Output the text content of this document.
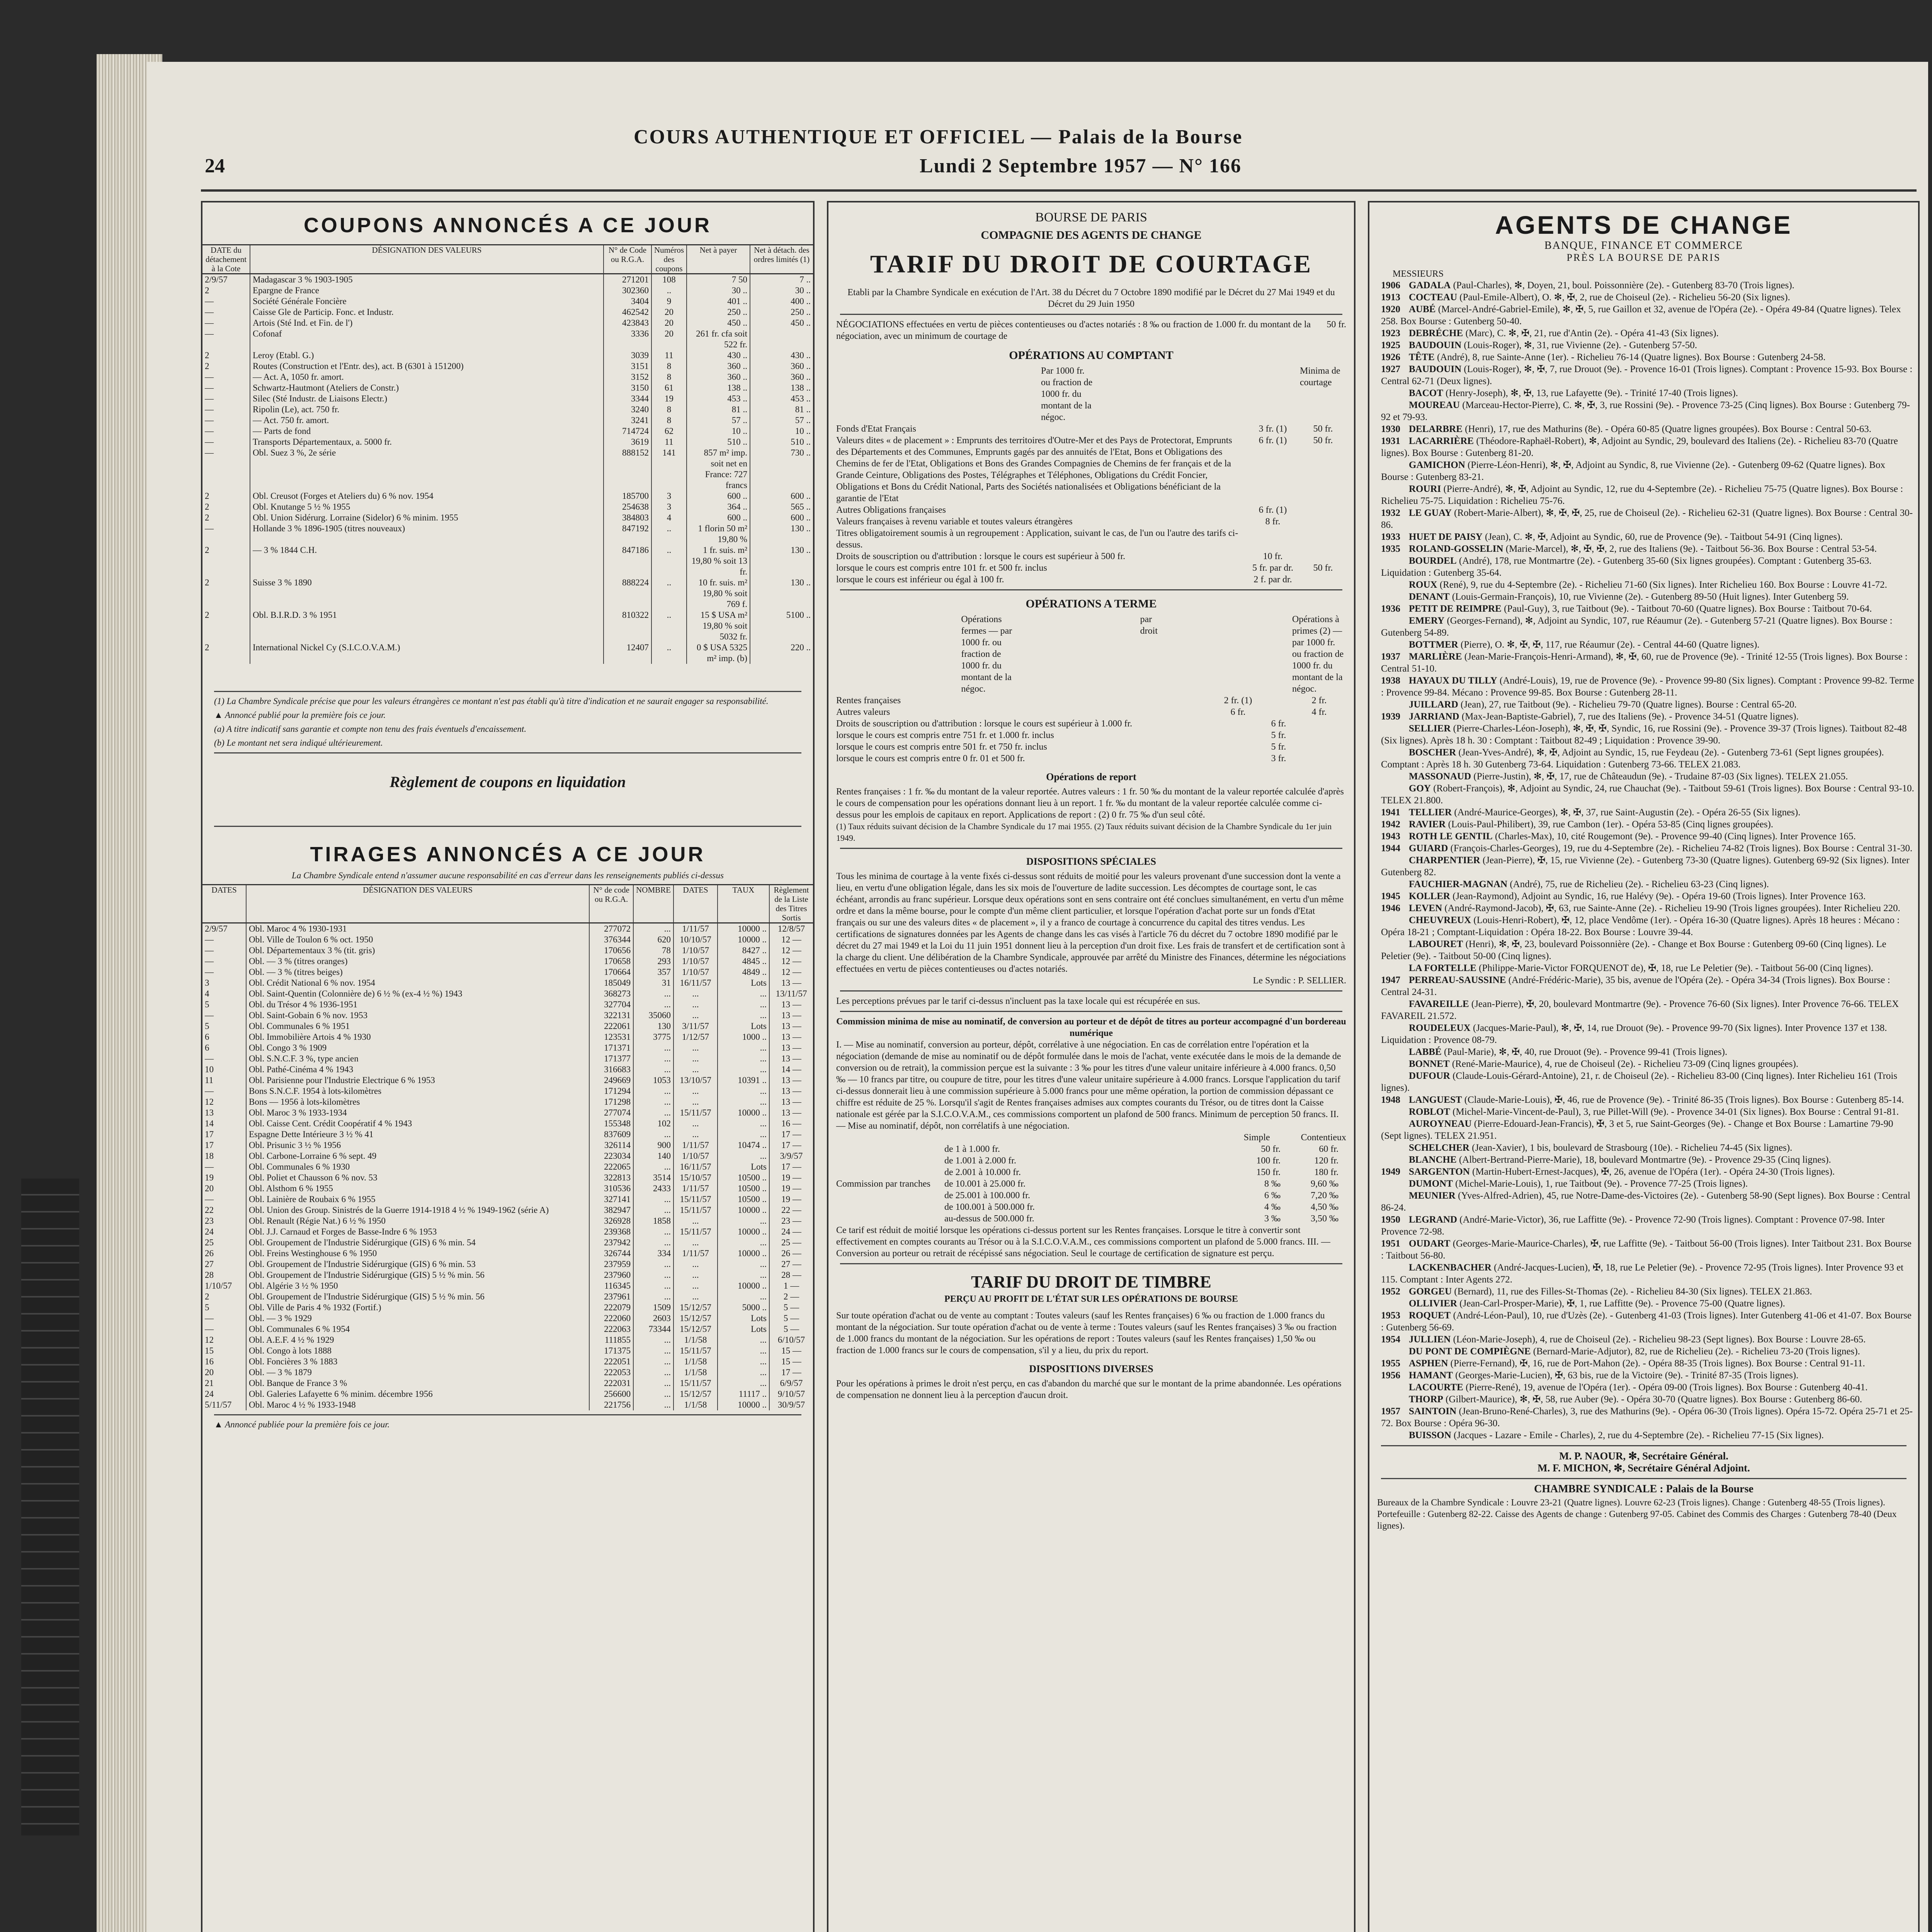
24
COURS AUTHENTIQUE ET OFFICIEL — Palais de la Bourse
Lundi 2 Septembre 1957 — N° 166
COUPONS ANNONCÉS A CE JOUR
DATE du détachement à la Cote	DÉSIGNATION DES VALEURS	N° de Code ou R.G.A.	Numéros des coupons	Net à payer	Net à détach. des ordres limités (1)
2/9/57	Madagascar 3 % 1903-1905	271201	108	7 50	7 ..
2	Epargne de France	302360	..	30 ..	30 ..
—	Société Générale Foncière	3404	9	401 ..	400 ..
—	Caisse Gle de Particip. Fonc. et Industr.	462542	20	250 ..	250 ..
—	Artois (Sté Ind. et Fin. de l')	423843	20	450 ..	450 ..
—	Cofonaf	3336	20	261 fr. cfa soit 522 fr.	
2	Leroy (Etabl. G.)	3039	11	430 ..	430 ..
2	Routes (Construction et l'Entr. des), act. B (6301 à 151200)	3151	8	360 ..	360 ..
—	— Act. A, 1050 fr. amort.	3152	8	360 ..	360 ..
—	Schwartz-Hautmont (Ateliers de Constr.)	3150	61	138 ..	138 ..
—	Silec (Sté Industr. de Liaisons Electr.)	3344	19	453 ..	453 ..
—	Ripolin (Le), act. 750 fr.	3240	8	81 ..	81 ..
—	— Act. 750 fr. amort.	3241	8	57 ..	57 ..
—	— Parts de fond	714724	62	10 ..	10 ..
—	Transports Départementaux, a. 5000 fr.	3619	11	510 ..	510 ..
—	Obl. Suez 3 %, 2e série	888152	141	857 m² imp. soit net en France: 727 francs	730 ..
2	Obl. Creusot (Forges et Ateliers du) 6 % nov. 1954	185700	3	600 ..	600 ..
2	Obl. Knutange 5 ½ % 1955	254638	3	364 ..	565 ..
2	Obl. Union Sidérurg. Lorraine (Sidelor) 6 % minim. 1955	384803	4	600 ..	600 ..
—	Hollande 3 % 1896-1905 (titres nouveaux)	847192	..	1 florin 50 m² 19,80 %	130 ..
2	— 3 % 1844 C.H.	847186	..	1 fr. suis. m² 19,80 % soit 13 fr.	130 ..
2	Suisse 3 % 1890	888224	..	10 fr. suis. m² 19,80 % soit 769 f.	130 ..
2	Obl. B.I.R.D. 3 % 1951	810322	..	15 $ USA m² 19,80 % soit 5032 fr.	5100 ..
2	International Nickel Cy (S.I.C.O.V.A.M.)	12407	..	0 $ USA 5325 m² imp. (b)	220 ..
(1) La Chambre Syndicale précise que pour les valeurs étrangères ce montant n'est pas établi qu'à titre d'indication et ne saurait engager sa responsabilité.
▲ Annoncé publié pour la première fois ce jour.
(a) A titre indicatif sans garantie et compte non tenu des frais éventuels d'encaissement.
(b) Le montant net sera indiqué ultérieurement.
Règlement de coupons en liquidation
TIRAGES ANNONCÉS A CE JOUR
La Chambre Syndicale entend n'assumer aucune responsabilité en cas d'erreur dans les renseignements publiés ci-dessus
DATES	DÉSIGNATION DES VALEURS	N° de code ou R.G.A.	NOMBRE	DATES	TAUX	Règlement de la Liste des Titres Sortis
2/9/57	Obl. Maroc 4 % 1930-1931	277072	...	1/11/57	10000 ..	12/8/57
—	Obl. Ville de Toulon 6 % oct. 1950	376344	620	10/10/57	10000 ..	12 —
—	Obl. Départementaux 3 % (tit. gris)	170656	78	1/10/57	8427 ..	12 —
—	Obl. — 3 % (titres oranges)	170658	293	1/10/57	4845 ..	12 —
—	Obl. — 3 % (titres beiges)	170664	357	1/10/57	4849 ..	12 —
3	Obl. Crédit National 6 % nov. 1954	185049	31	16/11/57	Lots	13 —
4	Obl. Saint-Quentin (Colonnière de) 6 ½ % (ex-4 ½ %) 1943	368273	...	...	...	13/11/57
5	Obl. du Trésor 4 % 1936-1951	327704	...	...	...	13 —
—	Obl. Saint-Gobain 6 % nov. 1953	322131	35060	...	...	13 —
5	Obl. Communales 6 % 1951	222061	130	3/11/57	Lots	13 —
6	Obl. Immobilière Artois 4 % 1930	123531	3775	1/12/57	1000 ..	13 —
6	Obl. Congo 3 % 1909	171371	...	...	...	13 —
—	Obl. S.N.C.F. 3 %, type ancien	171377	...	...	...	13 —
10	Obl. Pathé-Cinéma 4 % 1943	316683	...	...	...	14 —
11	Obl. Parisienne pour l'Industrie Electrique 6 % 1953	249669	1053	13/10/57	10391 ..	13 —
—	Bons S.N.C.F. 1954 à lots-kilomètres	171294	...	...	...	13 —
12	Bons — 1956 à lots-kilomètres	171298	...	...	...	13 —
13	Obl. Maroc 3 % 1933-1934	277074	...	15/11/57	10000 ..	13 —
14	Obl. Caisse Cent. Crédit Coopératif 4 % 1943	155348	102	...	...	16 —
17	Espagne Dette Intérieure 3 ½ % 41	837609	...	...	...	17 —
17	Obl. Prisunic 3 ½ % 1956	326114	900	1/11/57	10474 ..	17 —
18	Obl. Carbone-Lorraine 6 % sept. 49	223034	140	1/10/57	...	3/9/57
—	Obl. Communales 6 % 1930	222065	...	16/11/57	Lots	17 —
19	Obl. Poliet et Chausson 6 % nov. 53	322813	3514	15/10/57	10500 ..	19 —
20	Obl. Alsthom 6 % 1955	310536	2433	1/11/57	10500 ..	19 —
—	Obl. Lainière de Roubaix 6 % 1955	327141	...	15/11/57	10500 ..	19 —
22	Obl. Union des Group. Sinistrés de la Guerre 1914-1918 4 ½ % 1949-1962 (série A)	382947	...	15/11/57	10000 ..	22 —
23	Obl. Renault (Régie Nat.) 6 ½ % 1950	326928	1858	...	...	23 —
24	Obl. J.J. Carnaud et Forges de Basse-Indre 6 % 1953	239368	...	15/11/57	10000 ..	24 —
25	Obl. Groupement de l'Industrie Sidérurgique (GIS) 6 % min. 54	237942	...	...	...	25 —
26	Obl. Freins Westinghouse 6 % 1950	326744	334	1/11/57	10000 ..	26 —
27	Obl. Groupement de l'Industrie Sidérurgique (GIS) 6 % min. 53	237959	...	...	...	27 —
28	Obl. Groupement de l'Industrie Sidérurgique (GIS) 5 ½ % min. 56	237960	...	...	...	28 —
1/10/57	Obl. Algérie 3 ½ % 1950	116345	...	...	10000 ..	1 —
2	Obl. Groupement de l'Industrie Sidérurgique (GIS) 5 ½ % min. 56	237961	...	...	...	2 —
5	Obl. Ville de Paris 4 % 1932 (Fortif.)	222079	1509	15/12/57	5000 ..	5 —
—	Obl. — 3 % 1929	222060	2603	15/12/57	Lots	5 —
—	Obl. Communales 6 % 1954	222063	73344	15/12/57	Lots	5 —
12	Obl. A.E.F. 4 ½ % 1929	111855	...	1/1/58	...	6/10/57
15	Obl. Congo à lots 1888	171375	...	15/11/57	...	15 —
16	Obl. Foncières 3 % 1883	222051	...	1/1/58	...	15 —
20	Obl. — 3 % 1879	222053	...	1/1/58	...	17 —
21	Obl. Banque de France 3 %	222031	...	15/11/57	...	6/9/57
24	Obl. Galeries Lafayette 6 % minim. décembre 1956	256600	...	15/12/57	11117 ..	9/10/57
5/11/57	Obl. Maroc 4 ½ % 1933-1948	221756	...	1/1/58	10000 ..	30/9/57
▲ Annoncé publiée pour la première fois ce jour.
BOURSE DE PARIS
COMPAGNIE DES AGENTS DE CHANGE
TARIF DU DROIT DE COURTAGE

Etabli par la Chambre Syndicale en exécution de l'Art. 38 du Décret du 7 Octobre 1890 modifié par le Décret du 27 Mai 1949 et du Décret du 29 Juin 1950

NÉGOCIATIONS effectuées en vertu de pièces contentieuses ou d'actes notariés : 8 ‰ ou fraction de 1.000 fr. du montant de la négociation, avec un minimum de courtage de
50 fr.
OPÉRATIONS AU COMPTANT
Par 1000 fr. ou fraction de 1000 fr. du montant de la négoc.
Minima de courtage
Fonds d'Etat Français	3 fr. (1)	50 fr.
Valeurs dites « de placement » : Emprunts des territoires d'Outre-Mer et des Pays de Protectorat, Emprunts des Départements et des Communes, Emprunts gagés par des annuités de l'Etat, Bons et Obligations des Chemins de fer de l'Etat, Obligations et Bons des Grandes Compagnies de Chemins de fer français et de la Grande Ceinture, Obligations des Postes, Télégraphes et Téléphones, Obligations du Crédit Foncier, Obligations et Bons du Crédit National, Parts des Sociétés nationalisées et Obligations bénéficiant de la garantie de l'Etat
6 fr. (1)	50 fr.
Autres Obligations françaises	6 fr. (1)
Valeurs françaises à revenu variable et toutes valeurs étrangères	8 fr.
Titres obligatoirement soumis à un regroupement : Application, suivant le cas, de l'un ou l'autre des tarifs ci-dessus.
Droits de souscription ou d'attribution : lorsque le cours est supérieur à 500 fr.	10 fr.
lorsque le cours est compris entre 101 fr. et 500 fr. inclus	5 fr. par dr.	50 fr.
lorsque le cours est inférieur ou égal à 100 fr.	2 f. par dr.
OPÉRATIONS A TERME
Opérations fermes — par 1000 fr. ou fraction de 1000 fr. du montant de la négoc.
par droit
Opérations à primes (2) — par 1000 fr. ou fraction de 1000 fr. du montant de la négoc.
Rentes françaises	2 fr. (1)	2 fr.
Autres valeurs	6 fr.	4 fr.
Droits de souscription ou d'attribution : lorsque le cours est supérieur à 1.000 fr.	6 fr.
lorsque le cours est compris entre 751 fr. et 1.000 fr. inclus	5 fr.
lorsque le cours est compris entre 501 fr. et 750 fr. inclus	5 fr.
lorsque le cours est compris entre 0 fr. 01 et 500 fr.	3 fr.
Opérations de report

Rentes françaises : 1 fr. ‰ du montant de la valeur reportée. Autres valeurs : 1 fr. 50 ‰ du montant de la valeur reportée calculée d'après le cours de compensation pour les opérations donnant lieu à un report. 1 fr. ‰ du montant de la valeur reportée calculée comme ci-dessus pour les emplois de capitaux en report. Applications de report : (2) 0 fr. 75 ‰ d'un seul côté.

(1) Taux réduits suivant décision de la Chambre Syndicale du 17 mai 1955. (2) Taux réduits suivant décision de la Chambre Syndicale du 1er juin 1949.

DISPOSITIONS SPÉCIALES

Tous les minima de courtage à la vente fixés ci-dessus sont réduits de moitié pour les valeurs provenant d'une succession dont la vente a lieu, en vertu d'une obligation légale, dans les six mois de l'ouverture de ladite succession. Les décomptes de courtage sont, le cas échéant, arrondis au franc supérieur. Lorsque deux opérations sont en sens contraire ont été conclues simultanément, en vertu d'un même ordre et dans la même bourse, pour le compte d'un même client particulier, et lorsque l'opération d'achat porte sur un fonds d'Etat français ou sur une des valeurs dites « de placement », il y a franco de courtage à concurrence du capital des titres vendus. Les certifications de signatures données par les Agents de change dans les cas visés à l'article 76 du décret du 7 octobre 1890 modifié par le décret du 27 mai 1949 et la Loi du 11 juin 1951 donnent lieu à la perception d'un droit fixe. Les frais de transfert et de certification sont à la charge du client. Une délibération de la Chambre Syndicale, approuvée par arrêté du Ministre des Finances, détermine les négociations effectuées en vertu de pièces contentieuses ou d'actes notariés.

Le Syndic : P. SELLIER.

Les perceptions prévues par le tarif ci-dessus n'incluent pas la taxe locale qui est récupérée en sus.

Commission minima de mise au nominatif, de conversion au porteur et de dépôt de titres au porteur accompagné d'un bordereau numérique

I. — Mise au nominatif, conversion au porteur, dépôt, corrélative à une négociation. En cas de corrélation entre l'opération et la négociation (demande de mise au nominatif ou de dépôt formulée dans le mois de l'achat, vente exécutée dans le mois de la demande de conversion ou de retrait), la commission perçue est la suivante : 3 ‰ pour les titres d'une valeur unitaire inférieure à 4.000 francs. 0,50 ‰ — 10 francs par titre, ou coupure de titre, pour les titres d'une valeur unitaire supérieure à 4.000 francs. Lorsque l'application du tarif ci-dessus donnerait lieu à une commission supérieure à 5.000 francs pour une même opération, la portion de commission dépassant ce chiffre est réduite de 25 %. Lorsqu'il s'agit de Rentes françaises admises aux comptes courants du Trésor, ou de titres dont la Caisse nationale est gérée par la S.I.C.O.V.A.M., ces commissions comportent un plafond de 500 francs. Minimum de perception 50 francs. II. — Mise au nominatif, dépôt, non corrélatifs à une négociation.

Simple	Contentieux
Commission par tranches
de 1 à 1.000 fr.	50 fr.	60 fr.
de 1.001 à 2.000 fr.	100 fr.	120 fr.
de 2.001 à 10.000 fr.	150 fr.	180 fr.
de 10.001 à 25.000 fr.	8 ‰	9,60 ‰
de 25.001 à 100.000 fr.	6 ‰	7,20 ‰
de 100.001 à 500.000 fr.	4 ‰	4,50 ‰
au-dessus de 500.000 fr.	3 ‰	3,50 ‰

Ce tarif est réduit de moitié lorsque les opérations ci-dessus portent sur les Rentes françaises. Lorsque le titre à convertir sont effectivement en comptes courants au Trésor ou à la S.I.C.O.V.A.M., ces commissions comportent un plafond de 5.000 francs. III. — Conversion au porteur ou retrait de récépissé sans négociation. Seul le courtage de certification de signature est perçu.

TARIF DU DROIT DE TIMBRE
PERÇU AU PROFIT DE L'ÉTAT SUR LES OPÉRATIONS DE BOURSE

Sur toute opération d'achat ou de vente au comptant : Toutes valeurs (sauf les Rentes françaises) 6 ‰ ou fraction de 1.000 francs du montant de la négociation. Sur toute opération d'achat ou de vente à terme : Toutes valeurs (sauf les Rentes françaises) 3 ‰ ou fraction de 1.000 francs du montant de la négociation. Sur les opérations de report : Toutes valeurs (sauf les Rentes françaises) 1,50 ‰ ou fraction de 1.000 francs sur le cours de compensation, s'il y a lieu, du prix du report.

DISPOSITIONS DIVERSES

Pour les opérations à primes le droit n'est perçu, en cas d'abandon du marché que sur le montant de la prime abandonnée. Les opérations de compensation ne donnent lieu à la perception d'aucun droit.

AGENTS DE CHANGE
BANQUE, FINANCE ET COMMERCE
PRÈS LA BOURSE DE PARIS
MESSIEURS
1906 GADALA (Paul-Charles), ✻, Doyen, 21, boul. Poissonnière (2e). - Gutenberg 83-70 (Trois lignes).
1913 COCTEAU (Paul-Emile-Albert), O. ✻, ✠, 2, rue de Choiseul (2e). - Richelieu 56-20 (Six lignes).
1920 AUBÉ (Marcel-André-Gabriel-Emile), ✻, ✠, 5, rue Gaillon et 32, avenue de l'Opéra (2e). - Opéra 49-84 (Quatre lignes). Telex 258. Box Bourse : Gutenberg 50-40.
1923 DEBRÉCHE (Marc), C. ✻, ✠, 21, rue d'Antin (2e). - Opéra 41-43 (Six lignes).
1925 BAUDOUIN (Louis-Roger), ✻, 31, rue Vivienne (2e). - Gutenberg 57-50.
1926 TÊTE (André), 8, rue Sainte-Anne (1er). - Richelieu 76-14 (Quatre lignes). Box Bourse : Gutenberg 24-58.
1927 BAUDOUIN (Louis-Roger), ✻, ✠, 7, rue Drouot (9e). - Provence 16-01 (Trois lignes). Comptant : Provence 15-93. Box Bourse : Central 62-71 (Deux lignes).
BACOT (Henry-Joseph), ✻, ✠, 13, rue Lafayette (9e). - Trinité 17-40 (Trois lignes).
MOUREAU (Marceau-Hector-Pierre), C. ✻, ✠, 3, rue Rossini (9e). - Provence 73-25 (Cinq lignes). Box Bourse : Gutenberg 79-92 et 79-93.
1930 DELARBRE (Henri), 17, rue des Mathurins (8e). - Opéra 60-85 (Quatre lignes groupées). Box Bourse : Central 50-63.
1931 LACARRIÈRE (Théodore-Raphaël-Robert), ✻, Adjoint au Syndic, 29, boulevard des Italiens (2e). - Richelieu 83-70 (Quatre lignes). Box Bourse : Gutenberg 81-20.
GAMICHON (Pierre-Léon-Henri), ✻, ✠, Adjoint au Syndic, 8, rue Vivienne (2e). - Gutenberg 09-62 (Quatre lignes). Box Bourse : Gutenberg 83-21.
ROURI (Pierre-André), ✻, ✠, Adjoint au Syndic, 12, rue du 4-Septembre (2e). - Richelieu 75-75 (Quatre lignes). Box Bourse : Richelieu 75-75. Liquidation : Richelieu 75-76.
1932 LE GUAY (Robert-Marie-Albert), ✻, ✠, ✠, 25, rue de Choiseul (2e). - Richelieu 62-31 (Quatre lignes). Box Bourse : Central 30-86.
1933 HUET DE PAISY (Jean), C. ✻, ✠, Adjoint au Syndic, 60, rue de Provence (9e). - Taitbout 54-91 (Cinq lignes).
1935 ROLAND-GOSSELIN (Marie-Marcel), ✻, ✠, ✠, 2, rue des Italiens (9e). - Taitbout 56-36. Box Bourse : Central 53-54.
BOURDEL (André), 178, rue Montmartre (2e). - Gutenberg 35-60 (Six lignes groupées). Comptant : Gutenberg 35-63. Liquidation : Gutenberg 35-64.
ROUX (René), 9, rue du 4-Septembre (2e). - Richelieu 71-60 (Six lignes). Inter Richelieu 160. Box Bourse : Louvre 41-72.
DENANT (Louis-Germain-François), 10, rue Vivienne (2e). - Gutenberg 89-50 (Huit lignes). Inter Gutenberg 59.
1936 PETIT DE REIMPRE (Paul-Guy), 3, rue Taitbout (9e). - Taitbout 70-60 (Quatre lignes). Box Bourse : Taitbout 70-64.
EMERY (Georges-Fernand), ✻, Adjoint au Syndic, 107, rue Réaumur (2e). - Gutenberg 57-21 (Quatre lignes). Box Bourse : Gutenberg 54-89.
BOTTMER (Pierre), O. ✻, ✠, ✠, 117, rue Réaumur (2e). - Central 44-60 (Quatre lignes).
1937 MARLIÈRE (Jean-Marie-François-Henri-Armand), ✻, ✠, 60, rue de Provence (9e). - Trinité 12-55 (Trois lignes). Box Bourse : Central 51-10.
1938 HAYAUX DU TILLY (André-Louis), 19, rue de Provence (9e). - Provence 99-80 (Six lignes). Comptant : Provence 99-82. Terme : Provence 99-84. Mécano : Provence 99-85. Box Bourse : Gutenberg 28-11.
JUILLARD (Jean), 27, rue Taitbout (9e). - Richelieu 79-70 (Quatre lignes). Bourse : Central 65-20.
1939 JARRIAND (Max-Jean-Baptiste-Gabriel), 7, rue des Italiens (9e). - Provence 34-51 (Quatre lignes).
SELLIER (Pierre-Charles-Léon-Joseph), ✻, ✠, ✠, Syndic, 16, rue Rossini (9e). - Provence 39-37 (Trois lignes). Taitbout 82-48 (Six lignes). Après 18 h. 30 : Comptant : Taitbout 82-49 ; Liquidation : Provence 39-90.
BOSCHER (Jean-Yves-André), ✻, ✠, Adjoint au Syndic, 15, rue Feydeau (2e). - Gutenberg 73-61 (Sept lignes groupées). Comptant : Après 18 h. 30 Gutenberg 73-64. Liquidation : Gutenberg 73-66. TELEX 21.083.
MASSONAUD (Pierre-Justin), ✻, ✠, 17, rue de Châteaudun (9e). - Trudaine 87-03 (Six lignes). TELEX 21.055.
GOY (Robert-François), ✻, Adjoint au Syndic, 24, rue Chauchat (9e). - Taitbout 59-61 (Trois lignes). Box Bourse : Central 93-10. TELEX 21.800.
1941 TELLIER (André-Maurice-Georges), ✻, ✠, 37, rue Saint-Augustin (2e). - Opéra 26-55 (Six lignes).
1942 RAVIER (Louis-Paul-Philibert), 39, rue Cambon (1er). - Opéra 53-85 (Cinq lignes groupées).
1943 ROTH LE GENTIL (Charles-Max), 10, cité Rougemont (9e). - Provence 99-40 (Cinq lignes). Inter Provence 165.
1944 GUIARD (François-Charles-Georges), 19, rue du 4-Septembre (2e). - Richelieu 74-82 (Trois lignes). Box Bourse : Central 31-30.
CHARPENTIER (Jean-Pierre), ✠, 15, rue Vivienne (2e). - Gutenberg 73-30 (Quatre lignes). Gutenberg 69-92 (Six lignes). Inter Gutenberg 82.
FAUCHIER-MAGNAN (André), 75, rue de Richelieu (2e). - Richelieu 63-23 (Cinq lignes).
1945 KOLLER (Jean-Raymond), Adjoint au Syndic, 16, rue Halévy (9e). - Opéra 19-60 (Trois lignes). Inter Provence 163.
1946 LEVEN (André-Raymond-Jacob), ✠, 63, rue Sainte-Anne (2e). - Richelieu 19-90 (Trois lignes groupées). Inter Richelieu 220.
CHEUVREUX (Louis-Henri-Robert), ✠, 12, place Vendôme (1er). - Opéra 16-30 (Quatre lignes). Après 18 heures : Mécano : Opéra 18-21 ; Comptant-Liquidation : Opéra 18-22. Box Bourse : Louvre 39-44.
LABOURET (Henri), ✻, ✠, 23, boulevard Poissonnière (2e). - Change et Box Bourse : Gutenberg 09-60 (Cinq lignes). Le Peletier (9e). - Taitbout 50-00 (Cinq lignes).
LA FORTELLE (Philippe-Marie-Victor FORQUENOT de), ✠, 18, rue Le Peletier (9e). - Taitbout 56-00 (Cinq lignes).
1947 PERREAU-SAUSSINE (André-Frédéric-Marie), 35 bis, avenue de l'Opéra (2e). - Opéra 34-34 (Trois lignes). Box Bourse : Central 24-31.
FAVAREILLE (Jean-Pierre), ✠, 20, boulevard Montmartre (9e). - Provence 76-60 (Six lignes). Inter Provence 76-66. TELEX FAVAREIL 21.572.
ROUDELEUX (Jacques-Marie-Paul), ✻, ✠, 14, rue Drouot (9e). - Provence 99-70 (Six lignes). Inter Provence 137 et 138. Liquidation : Provence 08-79.
LABBÉ (Paul-Marie), ✻, ✠, 40, rue Drouot (9e). - Provence 99-41 (Trois lignes).
BONNET (René-Marie-Maurice), 4, rue de Choiseul (2e). - Richelieu 73-09 (Cinq lignes groupées).
DUFOUR (Claude-Louis-Gérard-Antoine), 21, r. de Choiseul (2e). - Richelieu 83-00 (Cinq lignes). Inter Richelieu 161 (Trois lignes).
1948 LANGUEST (Claude-Marie-Louis), ✠, 46, rue de Provence (9e). - Trinité 86-35 (Trois lignes). Box Bourse : Gutenberg 85-14.
ROBLOT (Michel-Marie-Vincent-de-Paul), 3, rue Pillet-Will (9e). - Provence 34-01 (Six lignes). Box Bourse : Central 91-81.
AUROYNEAU (Pierre-Edouard-Jean-Francis), ✠, 3 et 5, rue Saint-Georges (9e). - Change et Box Bourse : Lamartine 79-90 (Sept lignes). TELEX 21.951.
SCHELCHER (Jean-Xavier), 1 bis, boulevard de Strasbourg (10e). - Richelieu 74-45 (Six lignes).
BLANCHE (Albert-Bertrand-Pierre-Marie), 18, boulevard Montmartre (9e). - Provence 29-35 (Cinq lignes).
1949 SARGENTON (Martin-Hubert-Ernest-Jacques), ✠, 26, avenue de l'Opéra (1er). - Opéra 24-30 (Trois lignes).
DUMONT (Michel-Marie-Louis), 1, rue Taitbout (9e). - Provence 77-25 (Trois lignes).
MEUNIER (Yves-Alfred-Adrien), 45, rue Notre-Dame-des-Victoires (2e). - Gutenberg 58-90 (Sept lignes). Box Bourse : Central 86-24.
1950 LEGRAND (André-Marie-Victor), 36, rue Laffitte (9e). - Provence 72-90 (Trois lignes). Comptant : Provence 07-98. Inter Provence 72-98.
1951 OUDART (Georges-Marie-Maurice-Charles), ✠, rue Laffitte (9e). - Taitbout 56-00 (Trois lignes). Inter Taitbout 231. Box Bourse : Taitbout 56-80.
LACKENBACHER (André-Jacques-Lucien), ✠, 18, rue Le Peletier (9e). - Provence 72-95 (Trois lignes). Inter Provence 93 et 115. Comptant : Inter Agents 272.
1952 GORGEU (Bernard), 11, rue des Filles-St-Thomas (2e). - Richelieu 84-30 (Six lignes). TELEX 21.863.
OLLIVIER (Jean-Carl-Prosper-Marie), ✠, 1, rue Laffitte (9e). - Provence 75-00 (Quatre lignes).
1953 ROQUET (André-Léon-Paul), 10, rue d'Uzès (2e). - Gutenberg 41-03 (Trois lignes). Inter Gutenberg 41-06 et 41-07. Box Bourse : Gutenberg 56-69.
1954 JULLIEN (Léon-Marie-Joseph), 4, rue de Choiseul (2e). - Richelieu 98-23 (Sept lignes). Box Bourse : Louvre 28-65.
DU PONT DE COMPIÈGNE (Bernard-Marie-Adjutor), 82, rue de Richelieu (2e). - Richelieu 73-20 (Trois lignes).
1955 ASPHEN (Pierre-Fernand), ✠, 16, rue de Port-Mahon (2e). - Opéra 88-35 (Trois lignes). Box Bourse : Central 91-11.
1956 HAMANT (Georges-Marie-Lucien), ✠, 63 bis, rue de la Victoire (9e). - Trinité 87-35 (Trois lignes).
LACOURTE (Pierre-René), 19, avenue de l'Opéra (1er). - Opéra 09-00 (Trois lignes). Box Bourse : Gutenberg 40-41.
THORP (Gilbert-Maurice), ✻, ✠, 58, rue Auber (9e). - Opéra 30-70 (Quatre lignes). Box Bourse : Gutenberg 86-60.
1957 SAINTOIN (Jean-Bruno-René-Charles), 3, rue des Mathurins (9e). - Opéra 06-30 (Trois lignes). Opéra 15-72. Opéra 25-71 et 25-72. Box Bourse : Opéra 96-30.
BUISSON (Jacques - Lazare - Emile - Charles), 2, rue du 4-Septembre (2e). - Richelieu 77-15 (Six lignes).
M. P. NAOUR, ✻, Secrétaire Général.
M. F. MICHON, ✻, Secrétaire Général Adjoint.
CHAMBRE SYNDICALE : Palais de la Bourse
Bureaux de la Chambre Syndicale : Louvre 23-21 (Quatre lignes). Louvre 62-23 (Trois lignes). Change : Gutenberg 48-55 (Trois lignes). Portefeuille : Gutenberg 82-22. Caisse des Agents de change : Gutenberg 97-05. Cabinet des Commis des Charges : Gutenberg 78-40 (Deux lignes).
